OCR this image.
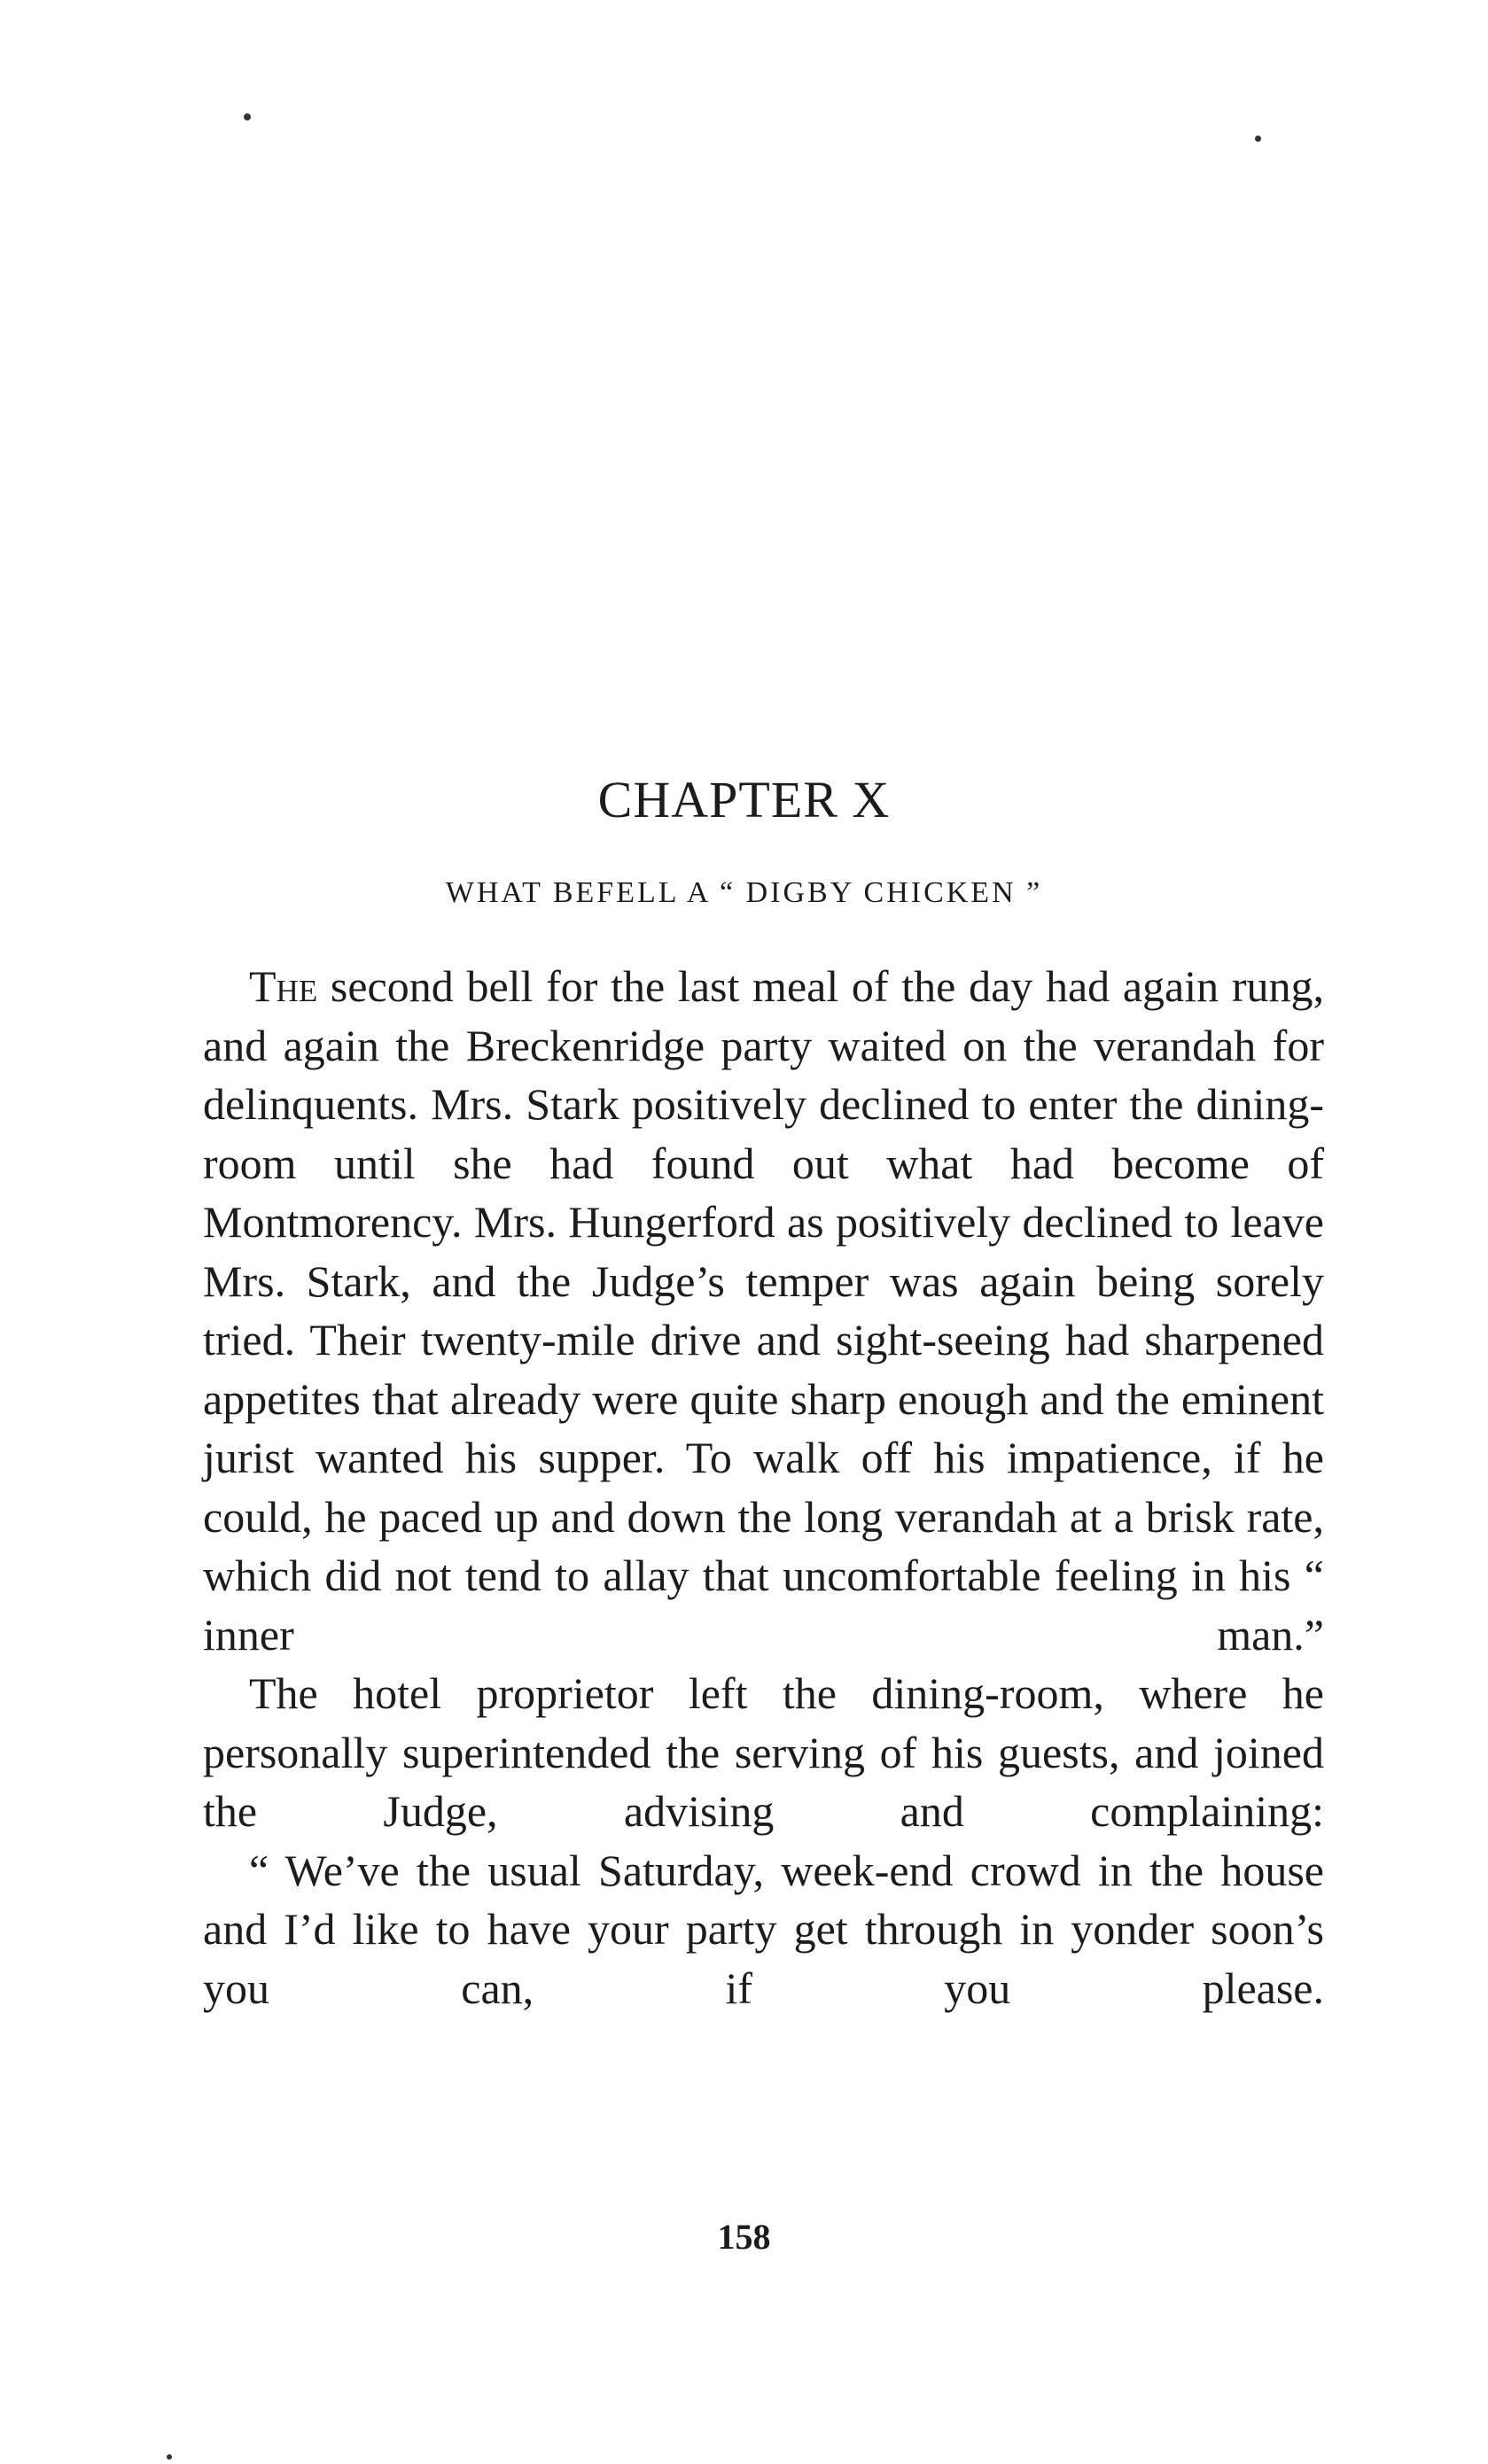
CHAPTER X
WHAT BEFELL A “ DIGBY CHICKEN ”

The second bell for the last meal of the day had again rung, and again the Breckenridge party waited on the verandah for delinquents. Mrs. Stark positively declined to enter the dining-room until she had found out what had become of Montmorency. Mrs. Hungerford as positively declined to leave Mrs. Stark, and the Judge’s temper was again being sorely tried. Their twenty-mile drive and sight-seeing had sharpened appetites that already were quite sharp enough and the eminent jurist wanted his supper. To walk off his impatience, if he could, he paced up and down the long verandah at a brisk rate, which did not tend to allay that uncomfortable feeling in his “ inner man.”

The hotel proprietor left the dining-room, where he personally superintended the serving of his guests, and joined the Judge, advising and complaining:

“ We’ve the usual Saturday, week-end crowd in the house and I’d like to have your party get through in yonder soon’s you can, if you please.

158
